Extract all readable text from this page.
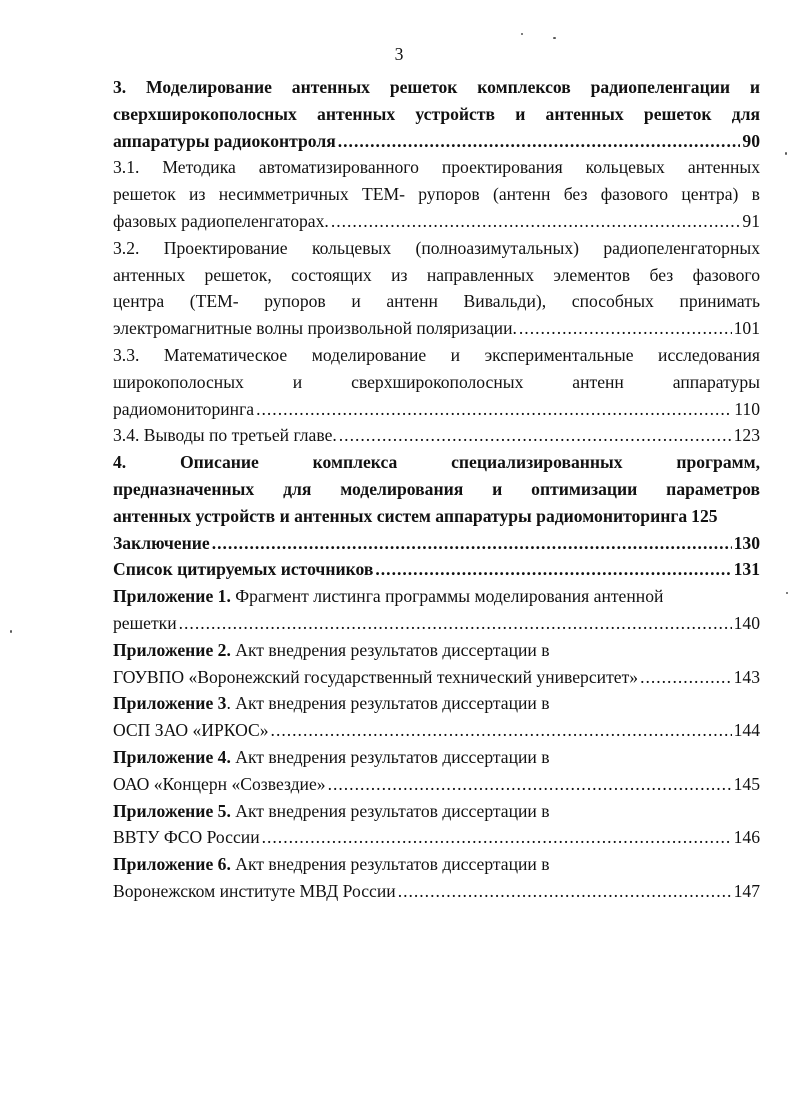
3
3. Моделирование антенных решеток комплексов радиопеленгации и
сверхширокополосных антенных устройств и антенных решеток для
аппаратуры радиоконтроля .....	90
3.1. Методика автоматизированного проектирования кольцевых антенных
решеток из несимметричных ТЕМ- рупоров (антенн без фазового центра) в
фазовых радиопеленгаторах. .....	91
3.2. Проектирование кольцевых (полноазимутальных) радиопеленгаторных
антенных решеток, состоящих из направленных элементов без фазового
центра (ТЕМ- рупоров и антенн Вивальди), способных принимать
электромагнитные волны произвольной поляризации. .....	101
3.3. Математическое моделирование и экспериментальные исследования
широкополосных и сверхширокополосных антенн аппаратуры
радиомониторинга .....	110
3.4. Выводы по третьей главе. .....	123
4. Описание комплекса специализированных программ,
предназначенных для моделирования и оптимизации параметров
антенных устройств и антенных систем аппаратуры радиомониторинга 125
Заключение .....	130
Список цитируемых источников .....	131
Приложение 1. Фрагмент листинга программы моделирования антенной
решетки .....	140
Приложение 2. Акт внедрения результатов диссертации в
ГОУВПО «Воронежский государственный технический университет» .....	143
Приложение 3. Акт внедрения результатов диссертации в
ОСП ЗАО «ИРКОС» .....	144
Приложение 4. Акт внедрения результатов диссертации в
ОАО «Концерн «Созвездие» .....	145
Приложение 5. Акт внедрения результатов диссертации в
ВВТУ ФСО России .....	146
Приложение 6. Акт внедрения результатов диссертации в
Воронежском институте МВД России .....	147
